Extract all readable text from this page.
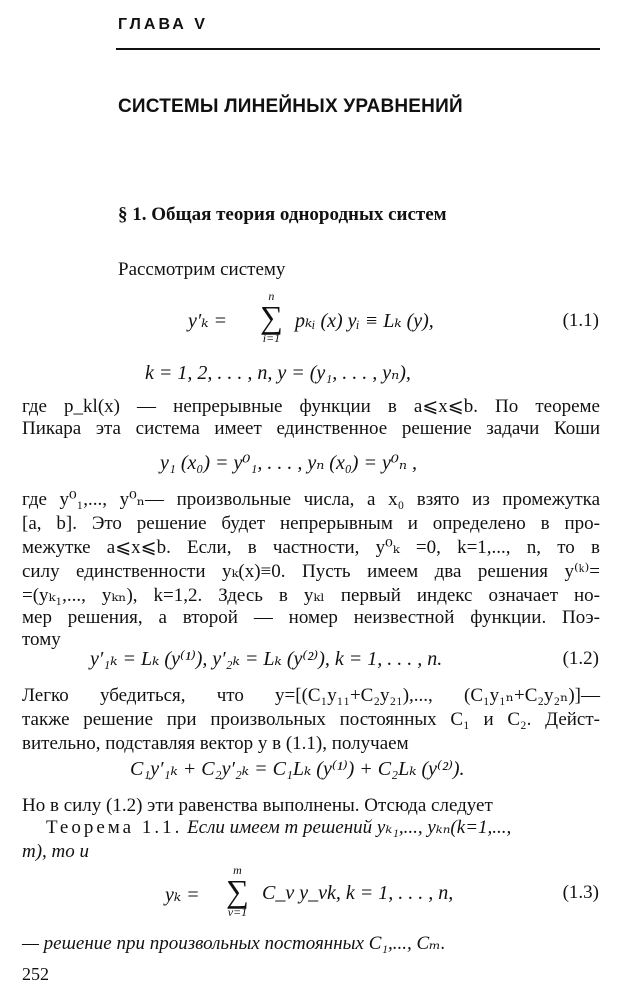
ГЛАВА V
СИСТЕМЫ ЛИНЕЙНЫХ УРАВНЕНИЙ
§ 1. Общая теория однородных систем
Рассмотрим систему
y′ₖ =
n
∑
i=1
pₖᵢ (x) yᵢ ≡ Lₖ (y),	(1.1)
k = 1, 2, . . . , n, y = (y₁, . . . , yₙ),
где p_kl(x) — непрерывные функции в a⩽x⩽b. По теореме
Пикара эта система имеет единственное решение задачи Коши
y₁ (x₀) = y⁰₁, . . . , yₙ (x₀) = y⁰ₙ ,
где y⁰₁,..., y⁰ₙ— произвольные числа, а x₀ взято из промежутка
[a, b]. Это решение будет непрерывным и определено в про-
межутке a⩽x⩽b. Если, в частности, y⁰ₖ =0, k=1,..., n, то в
силу единственности yₖ(x)≡0. Пусть имеем два решения y⁽ᵏ⁾=
=(yₖ₁,..., yₖₙ), k=1,2. Здесь в yₖₗ первый индекс означает но-
мер решения, а второй — номер неизвестной функции. Поэ-
тому
y′₁ₖ = Lₖ (y⁽¹⁾), y′₂ₖ = Lₖ (y⁽²⁾), k = 1, . . . , n.	(1.2)
Легко убедиться, что y=[(C₁y₁₁+C₂y₂₁),..., (C₁y₁ₙ+C₂y₂ₙ)]—
также решение при произвольных постоянных C₁ и C₂. Дейст-
вительно, подставляя вектор y в (1.1), получаем
C₁y′₁ₖ + C₂y′₂ₖ = C₁Lₖ (y⁽¹⁾) + C₂Lₖ (y⁽²⁾).
Но в силу (1.2) эти равенства выполнены. Отсюда следует
Теорема 1.1. Если имеем m решений yₖ₁,..., yₖₙ(k=1,...,
m), то и
yₖ =
m
∑
ν=1
C_ν y_νk, k = 1, . . . , n,	(1.3)
— решение при произвольных постоянных C₁,..., Cₘ.
252
